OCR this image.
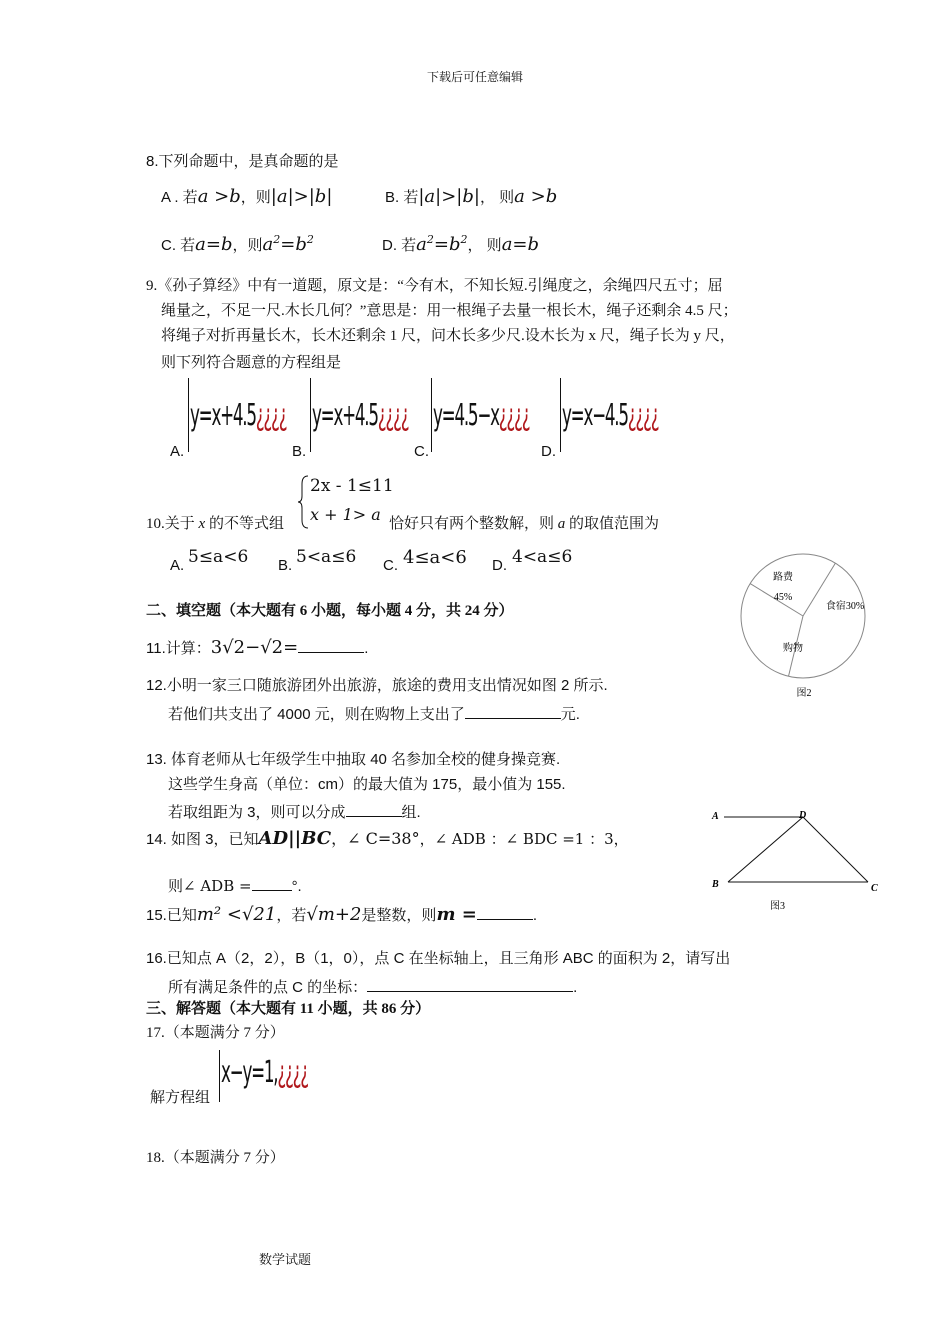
下载后可任意编辑
8.下列命题中，是真命题的是
A . 若a >b，则|a|>|b|	B. 若|a|>|b|， 则a >b
C. 若a=b，则$a^2=b^2$	D. 若$a^2=b^2$， 则a=b
9.《孙子算经》中有一道题，原文是：“今有木，不知长短.引绳度之，余绳四尺五寸；屈
绳量之，不足一尺.木长几何？”意思是：用一根绳子去量一根长木，绳子还剩余 4.5 尺；
将绳子对折再量长木，长木还剩余 1 尺，问木长多少尺.设木长为 x 尺，绳子长为 y 尺，
则下列符合题意的方程组是
A.
y=x+4.5¿¿¿¿
B.
y=x+4.5¿¿¿¿
C.
y=4.5−x¿¿¿¿
D.
y=x−4.5¿¿¿¿
2x - 1≤11
x + 1> a
10.关于 x 的不等式组	恰好只有两个整数解，则 a 的取值范围为
A. 5≤a<6 B. 5<a≤6 C. 4≤a<6 D. 4<a≤6
路费
45%
食宿30%
购物
图2
二、填空题（本大题有 6 小题，每小题 4 分，共 24 分）
11.计算：3√2−√2=	.
12.小明一家三口随旅游团外出旅游，旅途的费用支出情况如图 2 所示.
若他们共支出了 4000 元，则在购物上支出了	元.
13. 体育老师从七年级学生中抽取 40 名参加全校的健身操竞赛.
这些学生身高（单位：cm）的最大值为 175，最小值为 155.
若取组距为 3，则可以分成	组.	A	D
B	C
图3
14. 如图 3，已知AD||BC，∠ C=38°，∠ ADB ：∠ BDC =1 ：3，
则∠ ADB =	°.
15.已知m² <√21，若√m+2是整数，则m =	.
16.已知点 A（2，2），B（1，0），点 C 在坐标轴上，且三角形 ABC 的面积为 2，请写出
所有满足条件的点 C 的坐标：	.
三、解答题（本大题有 11 小题，共 86 分）
17.（本题满分 7 分）
解方程组
x−y=1,¿¿¿¿
18.（本题满分 7 分）
数学试题
